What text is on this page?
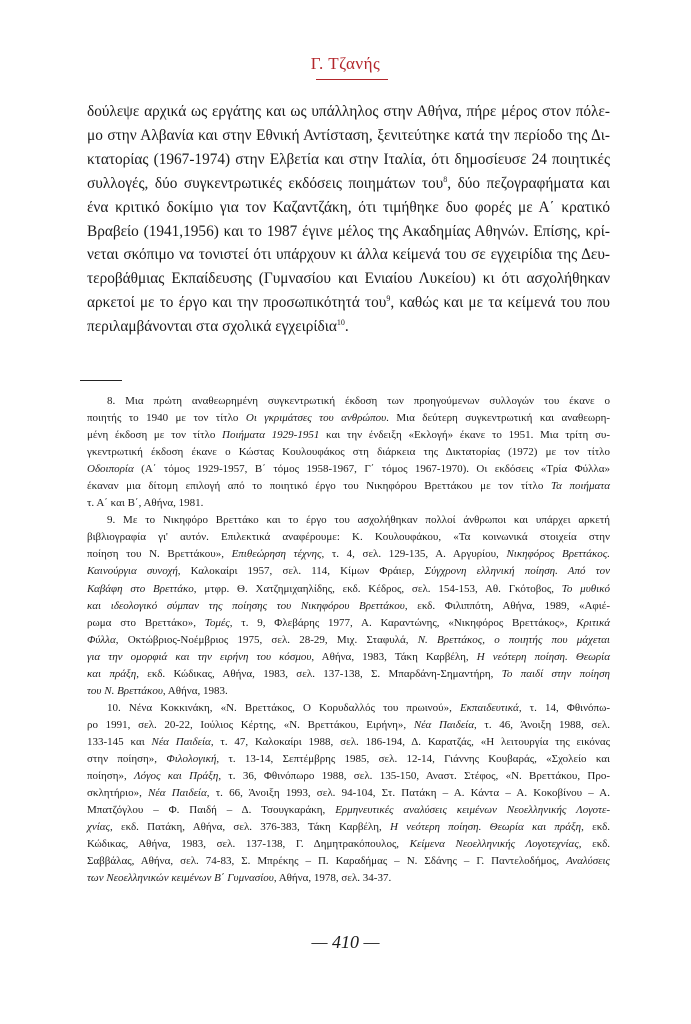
Γ. Τζανής
δούλεψε αρχικά ως εργάτης και ως υπάλληλος στην Αθήνα, πήρε μέρος στον πόλε-
μο στην Αλβανία και στην Εθνική Αντίσταση, ξενιτεύτηκε κατά την περίοδο της Δι-
κτατορίας (1967-1974) στην Ελβετία και στην Ιταλία, ότι δημοσίευσε 24 ποιητικές
συλλογές, δύο συγκεντρωτικές εκδόσεις ποιημάτων του$^8$, δύο πεζογραφήματα και
ένα κριτικό δοκίμιο για τον Καζαντζάκη, ότι τιμήθηκε δυο φορές με Α΄ κρατικό
Βραβείο (1941,1956) και το 1987 έγινε μέλος της Ακαδημίας Αθηνών. Επίσης, κρί-
νεται σκόπιμο να τονιστεί ότι υπάρχουν κι άλλα κείμενά του σε εγχειρίδια της Δευ-
τεροβάθμιας Εκπαίδευσης (Γυμνασίου και Ενιαίου Λυκείου) κι ότι ασχολήθηκαν
αρκετοί με το έργο και την προσωπικότητά του$^9$, καθώς και με τα κείμενά του που
περιλαμβάνονται στα σχολικά εγχειρίδια$^{10}$.
8. Μια πρώτη αναθεωρημένη συγκεντρωτική έκδοση των προηγούμενων συλλογών του έκανε ο
ποιητής το 1940 με τον τίτλο Οι γκριμάτσες του ανθρώπου. Μια δεύτερη συγκεντρωτική και αναθεωρη-
μένη έκδοση με τον τίτλο Ποιήματα 1929-1951 και την ένδειξη «Εκλογή» έκανε το 1951. Μια τρίτη συ-
γκεντρωτική έκδοση έκανε ο Κώστας Κουλουφάκος στη διάρκεια της Δικτατορίας (1972) με τον τίτλο
Οδοιπορία (Α΄ τόμος 1929-1957, Β΄ τόμος 1958-1967, Γ΄ τόμος 1967-1970). Οι εκδόσεις «Τρία Φύλλα»
έκαναν μια δίτομη επιλογή από το ποιητικό έργο του Νικηφόρου Βρεττάκου με τον τίτλο Τα ποιήματα
τ. Α΄ και Β΄, Αθήνα, 1981.
9. Με το Νικηφόρο Βρεττάκο και το έργο του ασχολήθηκαν πολλοί άνθρωποι και υπάρχει αρκετή
βιβλιογραφία γι' αυτόν. Επιλεκτικά αναφέρουμε: Κ. Κουλουφάκου, «Τα κοινωνικά στοιχεία στην
ποίηση του Ν. Βρεττάκου», Επιθεώρηση τέχνης, τ. 4, σελ. 129-135, Α. Αργυρίου, Νικηφόρος Βρεττάκος.
Καινούργια συνοχή, Καλοκαίρι 1957, σελ. 114, Κίμων Φράιερ, Σύγχρονη ελληνική ποίηση. Από τον
Καβάφη στο Βρεττάκο, μτφρ. Θ. Χατζημιχαηλίδης, εκδ. Κέδρος, σελ. 154-153, Αθ. Γκότοβος, Το μυθικό
και ιδεολογικό σύμπαν της ποίησης του Νικηφόρου Βρεττάκου, εκδ. Φιλιππότη, Αθήνα, 1989, «Αφιέ-
ρωμα στο Βρεττάκο», Τομές, τ. 9, Φλεβάρης 1977, Α. Καραντώνης, «Νικηφόρος Βρεττάκος», Κριτικά
Φύλλα, Οκτώβριος-Νοέμβριος 1975, σελ. 28-29, Μιχ. Σταφυλά, Ν. Βρεττάκος, ο ποιητής που μάχεται
για την ομορφιά και την ειρήνη του κόσμου, Αθήνα, 1983, Τάκη Καρβέλη, Η νεότερη ποίηση. Θεωρία
και πράξη, εκδ. Κώδικας, Αθήνα, 1983, σελ. 137-138, Σ. Μπαρδάνη-Σημαντήρη, Το παιδί στην ποίηση
του Ν. Βρεττάκου, Αθήνα, 1983.
10. Νένα Κοκκινάκη, «Ν. Βρεττάκος, Ο Κορυδαλλός του πρωινού», Εκπαιδευτικά, τ. 14, Φθινόπω-
ρο 1991, σελ. 20-22, Ιούλιος Κέρτης, «Ν. Βρεττάκου, Ειρήνη», Νέα Παιδεία, τ. 46, Άνοιξη 1988, σελ.
133-145 και Νέα Παιδεία, τ. 47, Καλοκαίρι 1988, σελ. 186-194, Δ. Καρατζάς, «Η λειτουργία της εικόνας
στην ποίηση», Φιλολογική, τ. 13-14, Σεπτέμβρης 1985, σελ. 12-14, Γιάννης Κουβαράς, «Σχολείο και
ποίηση», Λόγος και Πράξη, τ. 36, Φθινόπωρο 1988, σελ. 135-150, Αναστ. Στέφος, «Ν. Βρεττάκου, Προ-
σκλητήριο», Νέα Παιδεία, τ. 66, Άνοιξη 1993, σελ. 94-104, Στ. Πατάκη – Α. Κάντα – Α. Κοκοβίνου – Α.
Μπατζόγλου – Φ. Παιδή – Δ. Τσουγκαράκη, Ερμηνευτικές αναλύσεις κειμένων Νεοελληνικής Λογοτε-
χνίας, εκδ. Πατάκη, Αθήνα, σελ. 376-383, Τάκη Καρβέλη, Η νεότερη ποίηση. Θεωρία και πράξη, εκδ.
Κώδικας, Αθήνα, 1983, σελ. 137-138, Γ. Δημητρακόπουλος, Κείμενα Νεοελληνικής Λογοτεχνίας, εκδ.
Σαββάλας, Αθήνα, σελ. 74-83, Σ. Μπρέκης – Π. Καραδήμας – Ν. Σδάνης – Γ. Παντελοδήμος, Αναλύσεις
των Νεοελληνικών κειμένων Β΄ Γυμνασίου, Αθήνα, 1978, σελ. 34-37.
— 410 —
